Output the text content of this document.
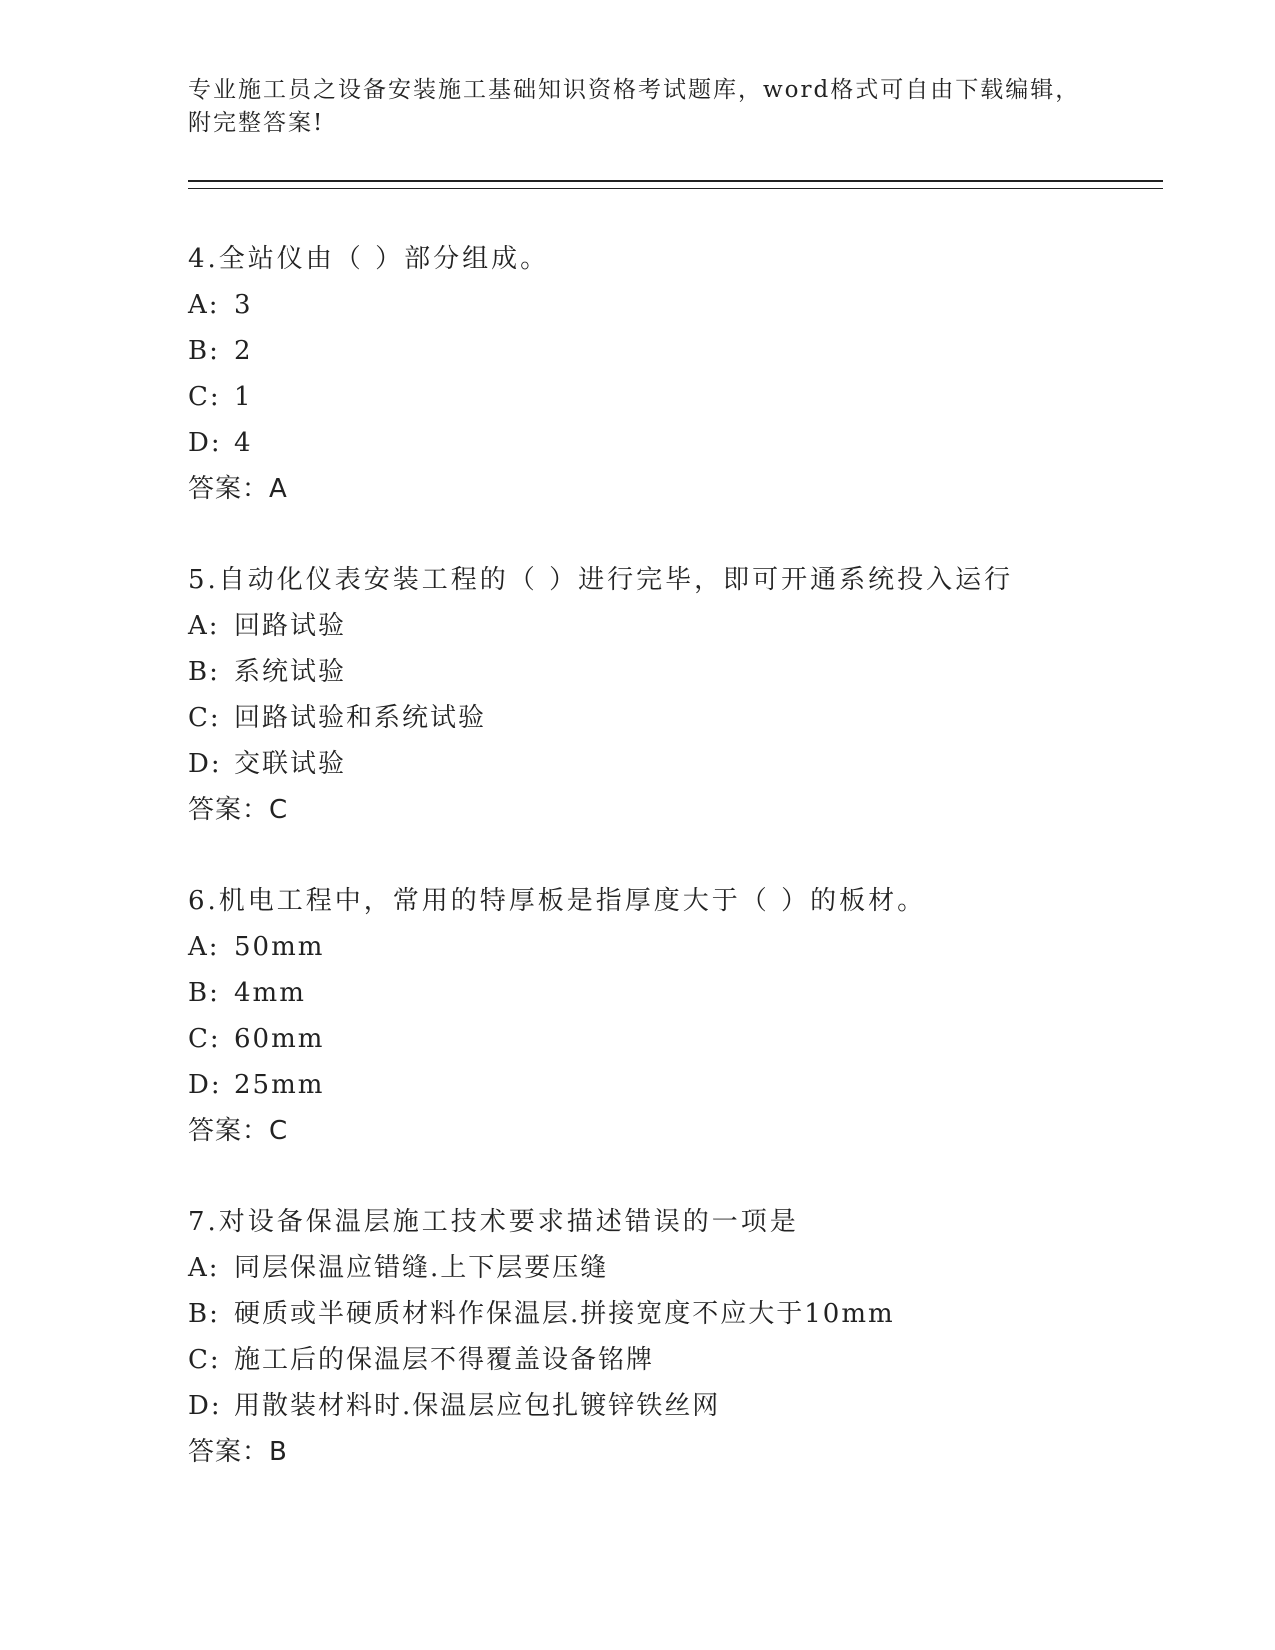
专业施工员之设备安装施工基础知识资格考试题库，word格式可自由下载编辑，
附完整答案!

4.全站仪由（ ）部分组成。

A: 3

B: 2

C: 1

D: 4

答案：A

5.自动化仪表安装工程的（ ）进行完毕，即可开通系统投入运行

A: 回路试验

B: 系统试验

C: 回路试验和系统试验

D: 交联试验

答案：C

6.机电工程中，常用的特厚板是指厚度大于（ ）的板材。

A: 50mm

B: 4mm

C: 60mm

D: 25mm

答案：C

7.对设备保温层施工技术要求描述错误的一项是

A: 同层保温应错缝.上下层要压缝

B: 硬质或半硬质材料作保温层.拼接宽度不应大于10mm

C: 施工后的保温层不得覆盖设备铭牌

D: 用散装材料时.保温层应包扎镀锌铁丝网

答案：B
